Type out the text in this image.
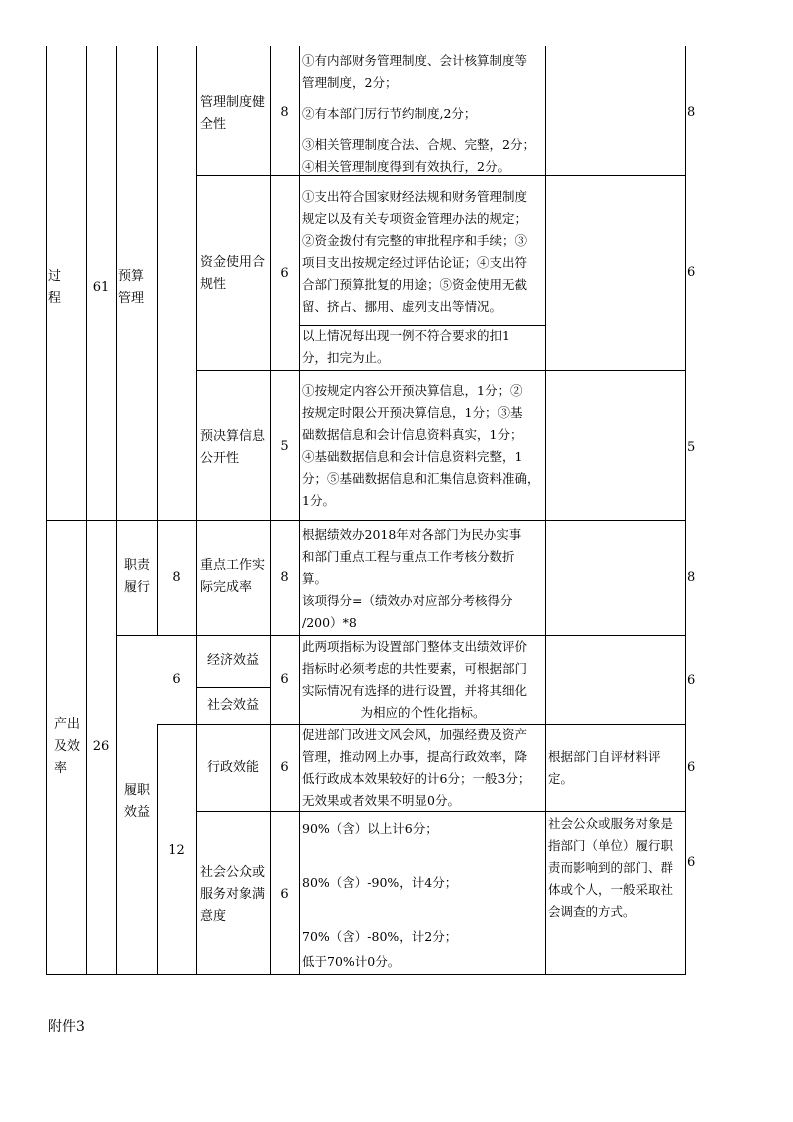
过
程
61
预算
管理
管理制度健
全性
8
①有内部财务管理制度、会计核算制度等
管理制度，2分；
②有本部门厉行节约制度,2分；
③相关管理制度合法、合规、完整，2分；
④相关管理制度得到有效执行，2分。
8
资金使用合
规性
6
①支出符合国家财经法规和财务管理制度
规定以及有关专项资金管理办法的规定；
②资金拨付有完整的审批程序和手续；③
项目支出按规定经过评估论证；④支出符
合部门预算批复的用途；⑤资金使用无截
留、挤占、挪用、虚列支出等情况。
以上情况每出现一例不符合要求的扣1
分，扣完为止。
6
预决算信息
公开性
5
①按规定内容公开预决算信息，1分；②
按规定时限公开预决算信息，1分；③基
础数据信息和会计信息资料真实，1分；
④基础数据信息和会计信息资料完整，1
分；⑤基础数据信息和汇集信息资料准确，
1分。
5
产出
及效
率
26
职责
履行
8
重点工作实
际完成率
8
根据绩效办2018年对各部门为民办实事
和部门重点工程与重点工作考核分数折
算。
该项得分=（绩效办对应部分考核得分
/200）*8
8
履职
效益
6
12
经济效益
社会效益
6
此两项指标为设置部门整体支出绩效评价
指标时必须考虑的共性要素，可根据部门
实际情况有选择的进行设置，并将其细化
为相应的个性化指标。
6
行政效能	6
促进部门改进文风会风，加强经费及资产
管理，推动网上办事，提高行政效率，降
低行政成本效果较好的计6分；一般3分；
无效果或者效果不明显0分。
根据部门自评材料评
定。
6
社会公众或
服务对象满
意度
6
90%（含）以上计6分；
80%（含）-90%，计4分；
70%（含）-80%，计2分；
低于70%计0分。
社会公众或服务对象是
指部门（单位）履行职
责而影响到的部门、群
体或个人，一般采取社
会调查的方式。
6
附件3
